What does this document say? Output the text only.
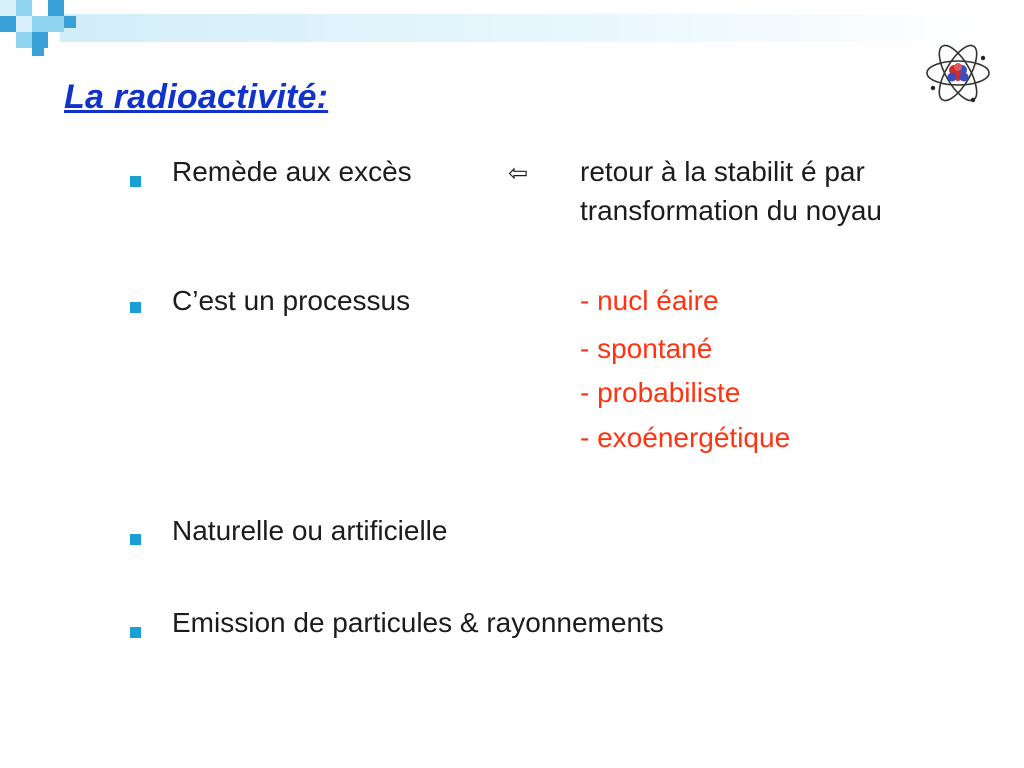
La radioactivité:
Remède aux excès	⇦ retour à la stabilit é par
transformation du noyau
C’est un processus	- nucl éaire
- spontané
- probabiliste
- exoénergétique
Naturelle ou artificielle
Emission de particules & rayonnements
